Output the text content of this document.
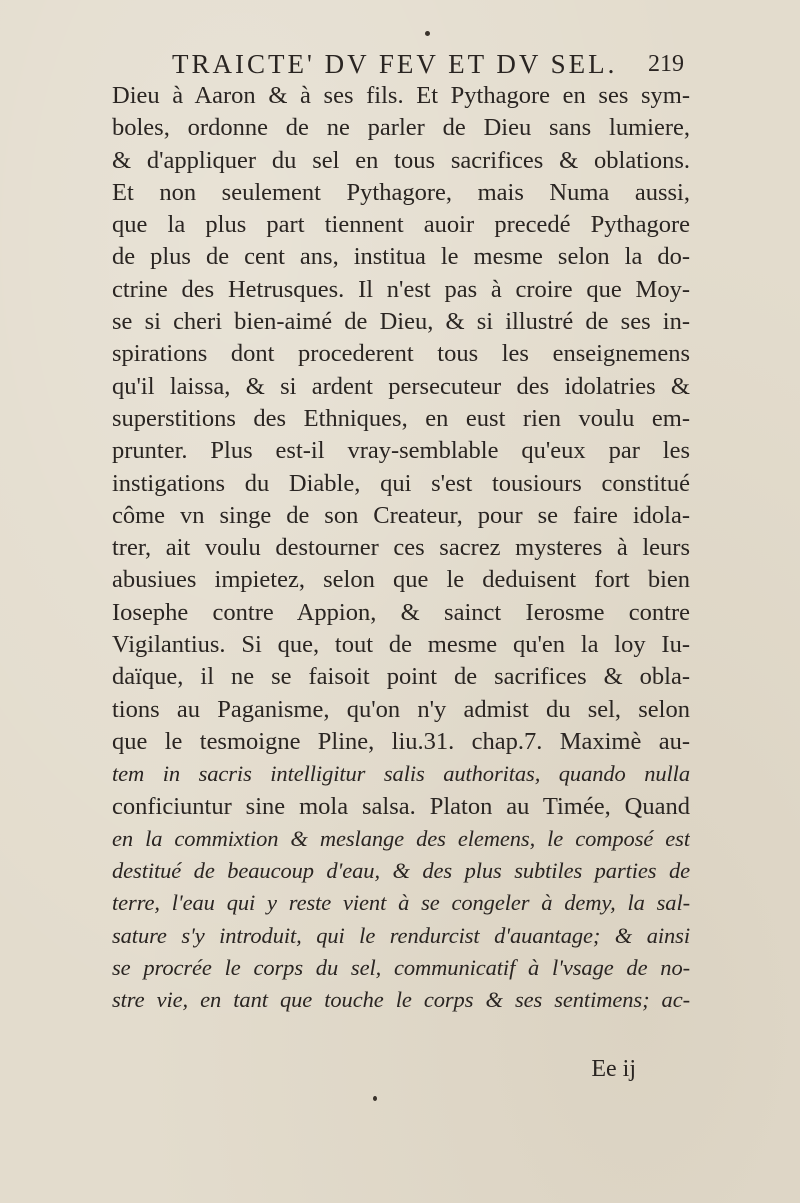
TRAICTE' DV FEV ET DV SEL. 219
Dieu à Aaron & à ses fils. Et Pythagore en ses sym-
boles, ordonne de ne parler de Dieu sans lumiere,
& d'appliquer du sel en tous sacrifices & oblations.
Et non seulement Pythagore, mais Numa aussi,
que la plus part tiennent auoir precedé Pythagore
de plus de cent ans, institua le mesme selon la do-
ctrine des Hetrusques. Il n'est pas à croire que Moy-
se si cheri bien-aimé de Dieu, & si illustré de ses in-
spirations dont procederent tous les enseignemens
qu'il laissa, & si ardent persecuteur des idolatries &
superstitions des Ethniques, en eust rien voulu em-
prunter. Plus est-il vray-semblable qu'eux par les
instigations du Diable, qui s'est tousiours constitué
côme vn singe de son Createur, pour se faire idola-
trer, ait voulu destourner ces sacrez mysteres à leurs
abusiues impietez, selon que le deduisent fort bien
Iosephe contre Appion, & sainct Ierosme contre
Vigilantius. Si que, tout de mesme qu'en la loy Iu-
daïque, il ne se faisoit point de sacrifices & obla-
tions au Paganisme, qu'on n'y admist du sel, selon
que le tesmoigne Pline, liu.31. chap.7. Maximè au-
tem in sacris intelligitur salis authoritas, quando nulla
conficiuntur sine mola salsa. Platon au Timée, Quand
en la commixtion & meslange des elemens, le composé est
destitué de beaucoup d'eau, & des plus subtiles parties de
terre, l'eau qui y reste vient à se congeler à demy, la sal-
sature s'y introduit, qui le rendurcist d'auantage; & ainsi
se procrée le corps du sel, communicatif à l'vsage de no-
stre vie, en tant que touche le corps & ses sentimens; ac-
Ee ij
